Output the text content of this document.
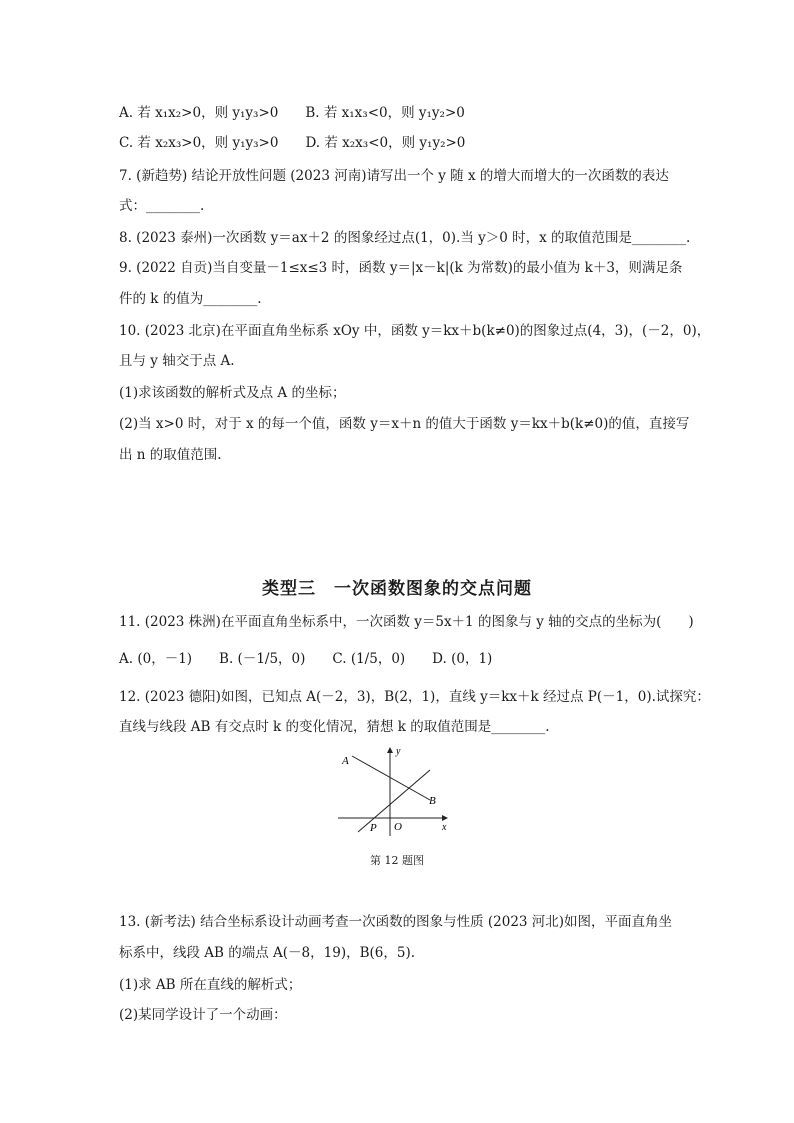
A. 若 x₁x₂>0，则 y₁y₃>0　　B. 若 x₁x₃<0，则 y₁y₂>0
C. 若 x₂x₃>0，则 y₁y₃>0　　D. 若 x₂x₃<0，则 y₁y₂>0
7. (新趋势) 结论开放性问题 (2023 河南)请写出一个 y 随 x 的增大而增大的一次函数的表达
式：________.
8. (2023 泰州)一次函数 y＝ax＋2 的图象经过点(1，0).当 y＞0 时，x 的取值范围是________.
9. (2022 自贡)当自变量－1≤x≤3 时，函数 y＝|x－k|(k 为常数)的最小值为 k＋3，则满足条
件的 k 的值为________.
10. (2023 北京)在平面直角坐标系 xOy 中，函数 y＝kx＋b(k≠0)的图象过点(4，3)，(－2，0)，
且与 y 轴交于点 A.
(1)求该函数的解析式及点 A 的坐标；
(2)当 x>0 时，对于 x 的每一个值，函数 y＝x＋n 的值大于函数 y＝kx＋b(k≠0)的值，直接写
出 n 的取值范围.
类型三　一次函数图象的交点问题
11. (2023 株洲)在平面直角坐标系中，一次函数 y＝5x＋1 的图象与 y 轴的交点的坐标为(　　)
A. (0，－1)　　B. (－1/5，0)　　C. (1/5，0)　　D. (0，1)
12. (2023 德阳)如图，已知点 A(－2，3)，B(2，1)，直线 y＝kx＋k 经过点 P(－1，0).试探究：
直线与线段 AB 有交点时 k 的变化情况，猜想 k 的取值范围是________.
A
B
P O	x
y
第 12 题图
13. (新考法) 结合坐标系设计动画考查一次函数的图象与性质 (2023 河北)如图，平面直角坐
标系中，线段 AB 的端点 A(－8，19)，B(6，5).
(1)求 AB 所在直线的解析式；
(2)某同学设计了一个动画：
